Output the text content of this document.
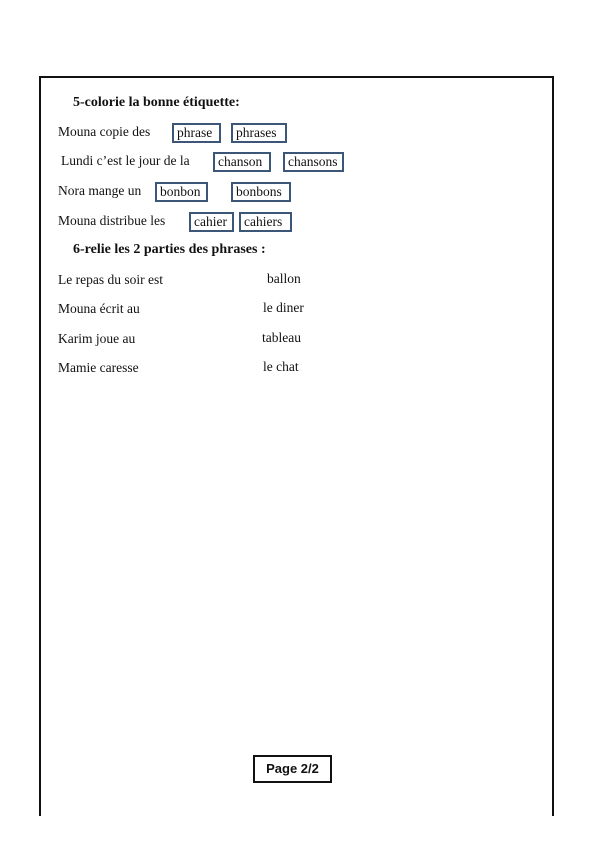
5-colorie la bonne étiquette:
Mouna copie des	phrase	phrases
Lundi c’est le jour de la	chanson	chansons
Nora mange un	bonbon	bonbons
Mouna distribue les	cahier	cahiers
6-relie les 2 parties des phrases :
Le repas du soir est	ballon
Mouna écrit au	le diner
Karim joue au	tableau
Mamie caresse	le chat
Page 2/2
